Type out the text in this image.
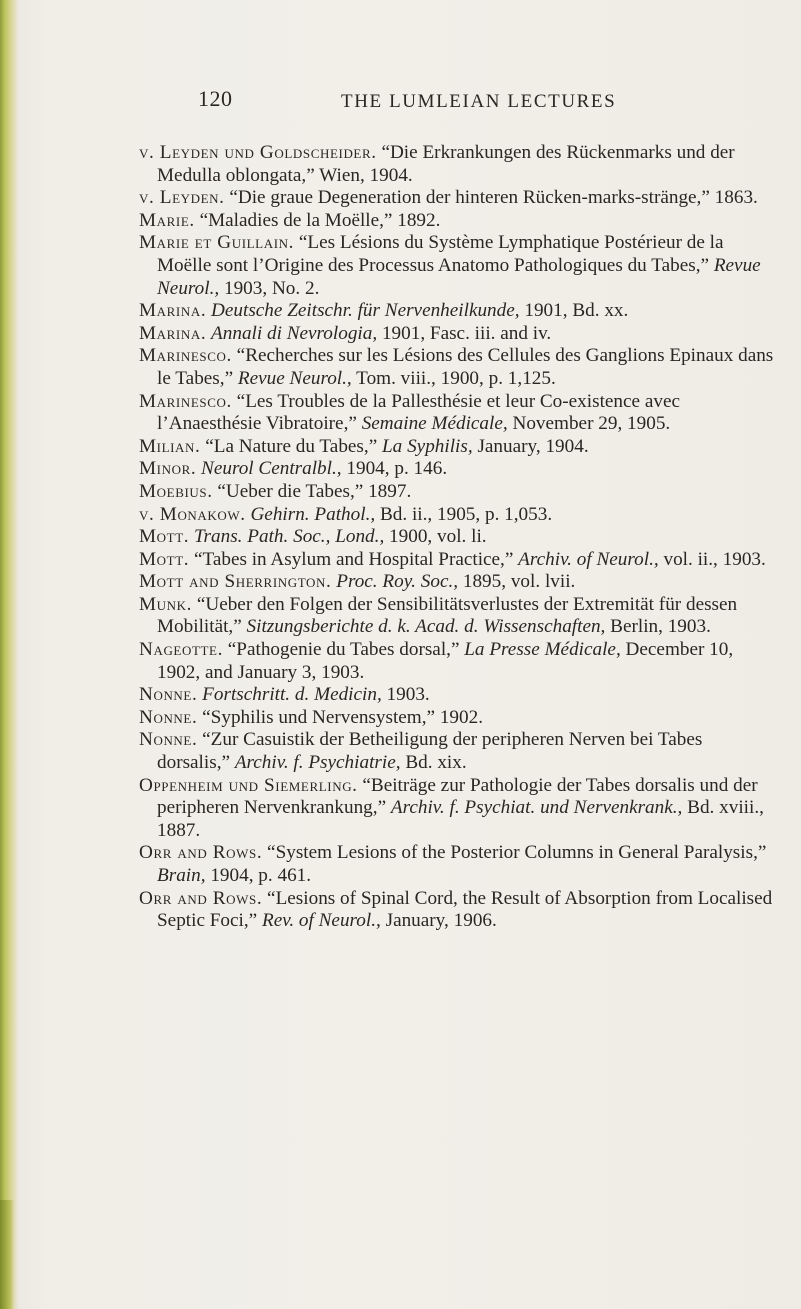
120	THE LUMLEIAN LECTURES
v. Leyden und Goldscheider. “Die Erkrankungen des Rückenmarks und der Medulla oblongata,” Wien, 1904.
v. Leyden. “Die graue Degeneration der hinteren Rücken-marks-stränge,” 1863.
Marie. “Maladies de la Moëlle,” 1892.
Marie et Guillain. “Les Lésions du Système Lymphatique Postérieur de la Moëlle sont l’Origine des Processus Anatomo Pathologiques du Tabes,” Revue Neurol., 1903, No. 2.
Marina. Deutsche Zeitschr. für Nervenheilkunde, 1901, Bd. xx.
Marina. Annali di Nevrologia, 1901, Fasc. iii. and iv.
Marinesco. “Recherches sur les Lésions des Cellules des Ganglions Epinaux dans le Tabes,” Revue Neurol., Tom. viii., 1900, p. 1,125.
Marinesco. “Les Troubles de la Pallesthésie et leur Co-existence avec l’Anaesthésie Vibratoire,” Semaine Médicale, November 29, 1905.
Milian. “La Nature du Tabes,” La Syphilis, January, 1904.
Minor. Neurol Centralbl., 1904, p. 146.
Moebius. “Ueber die Tabes,” 1897.
v. Monakow. Gehirn. Pathol., Bd. ii., 1905, p. 1,053.
Mott. Trans. Path. Soc., Lond., 1900, vol. li.
Mott. “Tabes in Asylum and Hospital Practice,” Archiv. of Neurol., vol. ii., 1903.
Mott and Sherrington. Proc. Roy. Soc., 1895, vol. lvii.
Munk. “Ueber den Folgen der Sensibilitätsverlustes der Extremität für dessen Mobilität,” Sitzungsberichte d. k. Acad. d. Wissenschaften, Berlin, 1903.
Nageotte. “Pathogenie du Tabes dorsal,” La Presse Médicale, December 10, 1902, and January 3, 1903.
Nonne. Fortschritt. d. Medicin, 1903.
Nonne. “Syphilis und Nervensystem,” 1902.
Nonne. “Zur Casuistik der Betheiligung der peripheren Nerven bei Tabes dorsalis,” Archiv. f. Psychiatrie, Bd. xix.
Oppenheim und Siemerling. “Beiträge zur Pathologie der Tabes dorsalis und der peripheren Nervenkrankung,” Archiv. f. Psychiat. und Nervenkrank., Bd. xviii., 1887.
Orr and Rows. “System Lesions of the Posterior Columns in General Paralysis,” Brain, 1904, p. 461.
Orr and Rows. “Lesions of Spinal Cord, the Result of Absorption from Localised Septic Foci,” Rev. of Neurol., January, 1906.
